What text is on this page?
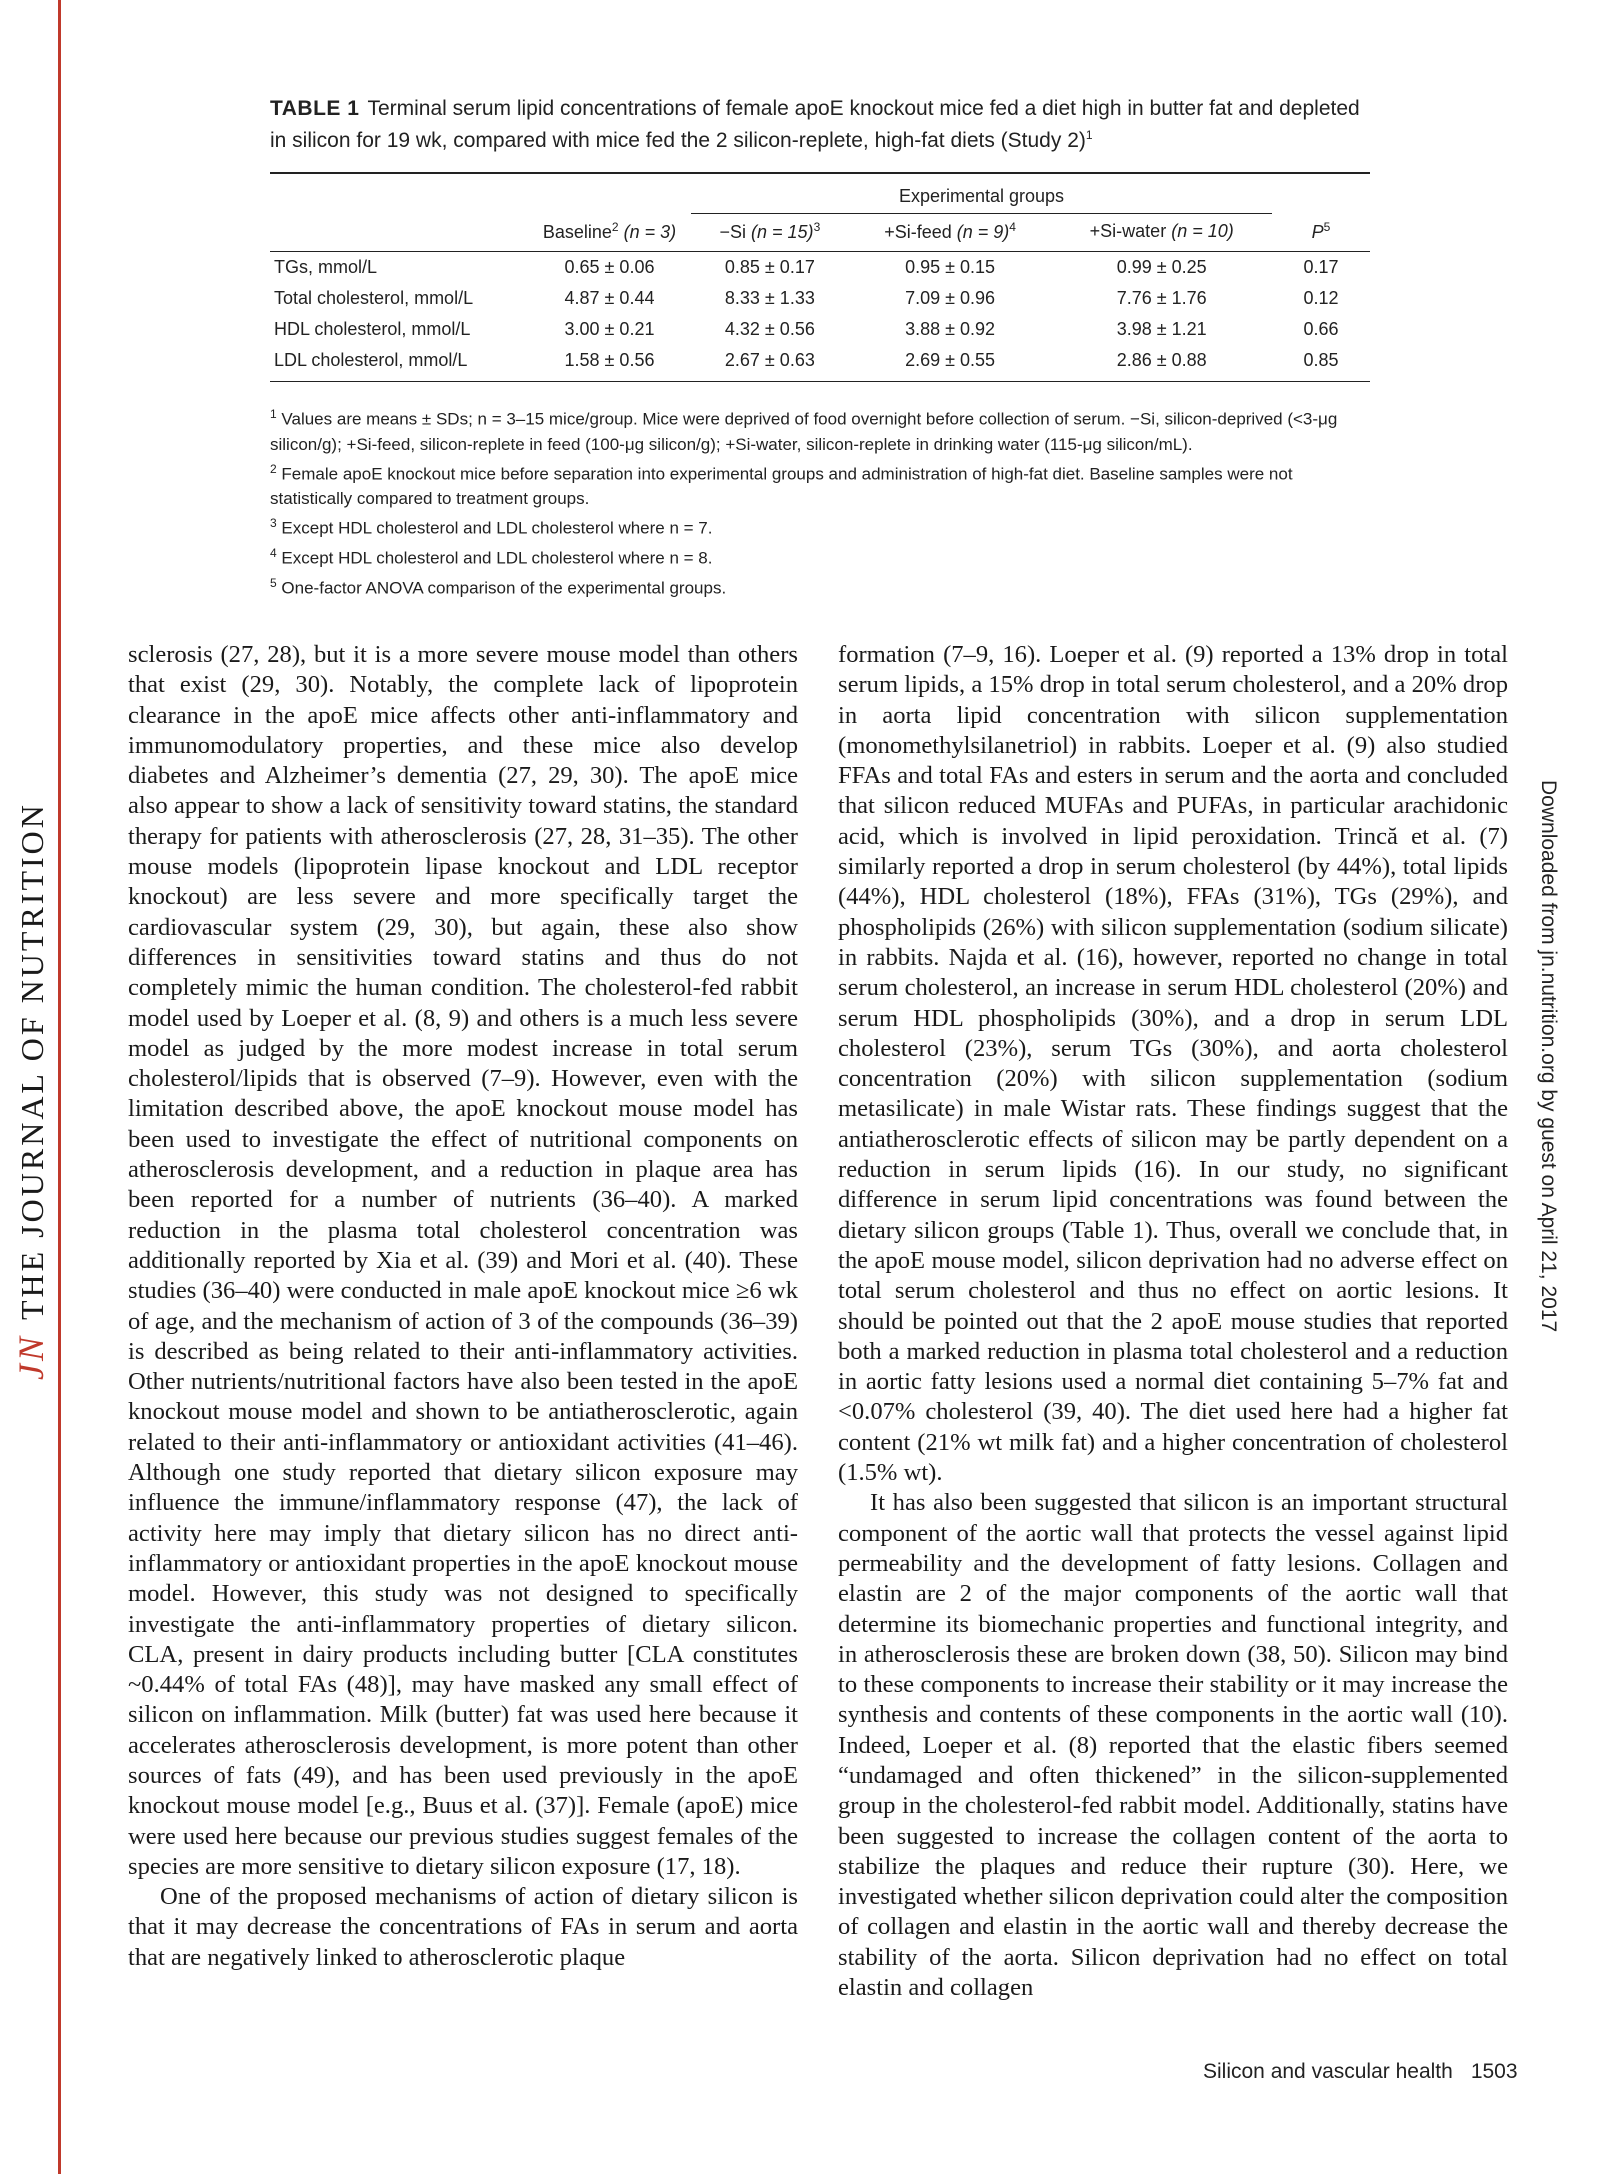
JNTHE JOURNAL OF NUTRITION	Downloaded from jn.nutrition.org by guest on April 21, 2017
TABLE 1 Terminal serum lipid concentrations of female apoE knockout mice fed a diet high in butter fat and depleted in silicon for 19 wk, compared with mice fed the 2 silicon-replete, high-fat diets (Study 2)$^1$
		Experimental groups			
	Baseline$^2$ (n = 3)	−Si (n = 15)$^3$	+Si-feed (n = 9)$^4$	+Si-water (n = 10)	$P^5$
TGs, mmol/L	0.65 ± 0.06	0.85 ± 0.17	0.95 ± 0.15	0.99 ± 0.25	0.17
Total cholesterol, mmol/L	4.87 ± 0.44	8.33 ± 1.33	7.09 ± 0.96	7.76 ± 1.76	0.12
HDL cholesterol, mmol/L	3.00 ± 0.21	4.32 ± 0.56	3.88 ± 0.92	3.98 ± 1.21	0.66
LDL cholesterol, mmol/L	1.58 ± 0.56	2.67 ± 0.63	2.69 ± 0.55	2.86 ± 0.88	0.85
$^1$ Values are means ± SDs; n = 3–15 mice/group. Mice were deprived of food overnight before collection of serum. −Si, silicon-deprived (<3-μg silicon/g); +Si-feed, silicon-replete in feed (100-μg silicon/g); +Si-water, silicon-replete in drinking water (115-μg silicon/mL).
$^2$ Female apoE knockout mice before separation into experimental groups and administration of high-fat diet. Baseline samples were not statistically compared to treatment groups.
$^3$ Except HDL cholesterol and LDL cholesterol where n = 7.
$^4$ Except HDL cholesterol and LDL cholesterol where n = 8.
$^5$ One-factor ANOVA comparison of the experimental groups.

sclerosis (27, 28), but it is a more severe mouse model than others that exist (29, 30). Notably, the complete lack of lipoprotein clearance in the apoE mice affects other anti-inflammatory and immunomodulatory properties, and these mice also develop diabetes and Alzheimer’s dementia (27, 29, 30). The apoE mice also appear to show a lack of sensitivity toward statins, the standard therapy for patients with atherosclerosis (27, 28, 31–35). The other mouse models (lipoprotein lipase knockout and LDL receptor knockout) are less severe and more specifically target the cardiovascular system (29, 30), but again, these also show differences in sensitivities toward statins and thus do not completely mimic the human condition. The cholesterol-fed rabbit model used by Loeper et al. (8, 9) and others is a much less severe model as judged by the more modest increase in total serum cholesterol/lipids that is observed (7–9). However, even with the limitation described above, the apoE knockout mouse model has been used to investigate the effect of nutritional components on atherosclerosis development, and a reduction in plaque area has been reported for a number of nutrients (36–40). A marked reduction in the plasma total cholesterol concentration was additionally reported by Xia et al. (39) and Mori et al. (40). These studies (36–40) were conducted in male apoE knockout mice ≥6 wk of age, and the mechanism of action of 3 of the compounds (36–39) is described as being related to their anti-inflammatory activities. Other nutrients/nutritional factors have also been tested in the apoE knockout mouse model and shown to be antiatherosclerotic, again related to their anti-inflammatory or antioxidant activities (41–46). Although one study reported that dietary silicon exposure may influence the immune/inflammatory response (47), the lack of activity here may imply that dietary silicon has no direct anti-inflammatory or antioxidant properties in the apoE knockout mouse model. However, this study was not designed to specifically investigate the anti-inflammatory properties of dietary silicon. CLA, present in dairy products including butter [CLA constitutes ~0.44% of total FAs (48)], may have masked any small effect of silicon on inflammation. Milk (butter) fat was used here because it accelerates atherosclerosis development, is more potent than other sources of fats (49), and has been used previously in the apoE knockout mouse model [e.g., Buus et al. (37)]. Female (apoE) mice were used here because our previous studies suggest females of the species are more sensitive to dietary silicon exposure (17, 18).

One of the proposed mechanisms of action of dietary silicon is that it may decrease the concentrations of FAs in serum and aorta that are negatively linked to atherosclerotic plaque

formation (7–9, 16). Loeper et al. (9) reported a 13% drop in total serum lipids, a 15% drop in total serum cholesterol, and a 20% drop in aorta lipid concentration with silicon supplementation (monomethylsilanetriol) in rabbits. Loeper et al. (9) also studied FFAs and total FAs and esters in serum and the aorta and concluded that silicon reduced MUFAs and PUFAs, in particular arachidonic acid, which is involved in lipid peroxidation. Trincă et al. (7) similarly reported a drop in serum cholesterol (by 44%), total lipids (44%), HDL cholesterol (18%), FFAs (31%), TGs (29%), and phospholipids (26%) with silicon supplementation (sodium silicate) in rabbits. Najda et al. (16), however, reported no change in total serum cholesterol, an increase in serum HDL cholesterol (20%) and serum HDL phospholipids (30%), and a drop in serum LDL cholesterol (23%), serum TGs (30%), and aorta cholesterol concentration (20%) with silicon supplementation (sodium metasilicate) in male Wistar rats. These findings suggest that the antiatherosclerotic effects of silicon may be partly dependent on a reduction in serum lipids (16). In our study, no significant difference in serum lipid concentrations was found between the dietary silicon groups (Table 1). Thus, overall we conclude that, in the apoE mouse model, silicon deprivation had no adverse effect on total serum cholesterol and thus no effect on aortic lesions. It should be pointed out that the 2 apoE mouse studies that reported both a marked reduction in plasma total cholesterol and a reduction in aortic fatty lesions used a normal diet containing 5–7% fat and <0.07% cholesterol (39, 40). The diet used here had a higher fat content (21% wt milk fat) and a higher concentration of cholesterol (1.5% wt).

It has also been suggested that silicon is an important structural component of the aortic wall that protects the vessel against lipid permeability and the development of fatty lesions. Collagen and elastin are 2 of the major components of the aortic wall that determine its biomechanic properties and functional integrity, and in atherosclerosis these are broken down (38, 50). Silicon may bind to these components to increase their stability or it may increase the synthesis and contents of these components in the aortic wall (10). Indeed, Loeper et al. (8) reported that the elastic fibers seemed “undamaged and often thickened” in the silicon-supplemented group in the cholesterol-fed rabbit model. Additionally, statins have been suggested to increase the collagen content of the aorta to stabilize the plaques and reduce their rupture (30). Here, we investigated whether silicon deprivation could alter the composition of collagen and elastin in the aortic wall and thereby decrease the stability of the aorta. Silicon deprivation had no effect on total elastin and collagen

Silicon and vascular health 1503
